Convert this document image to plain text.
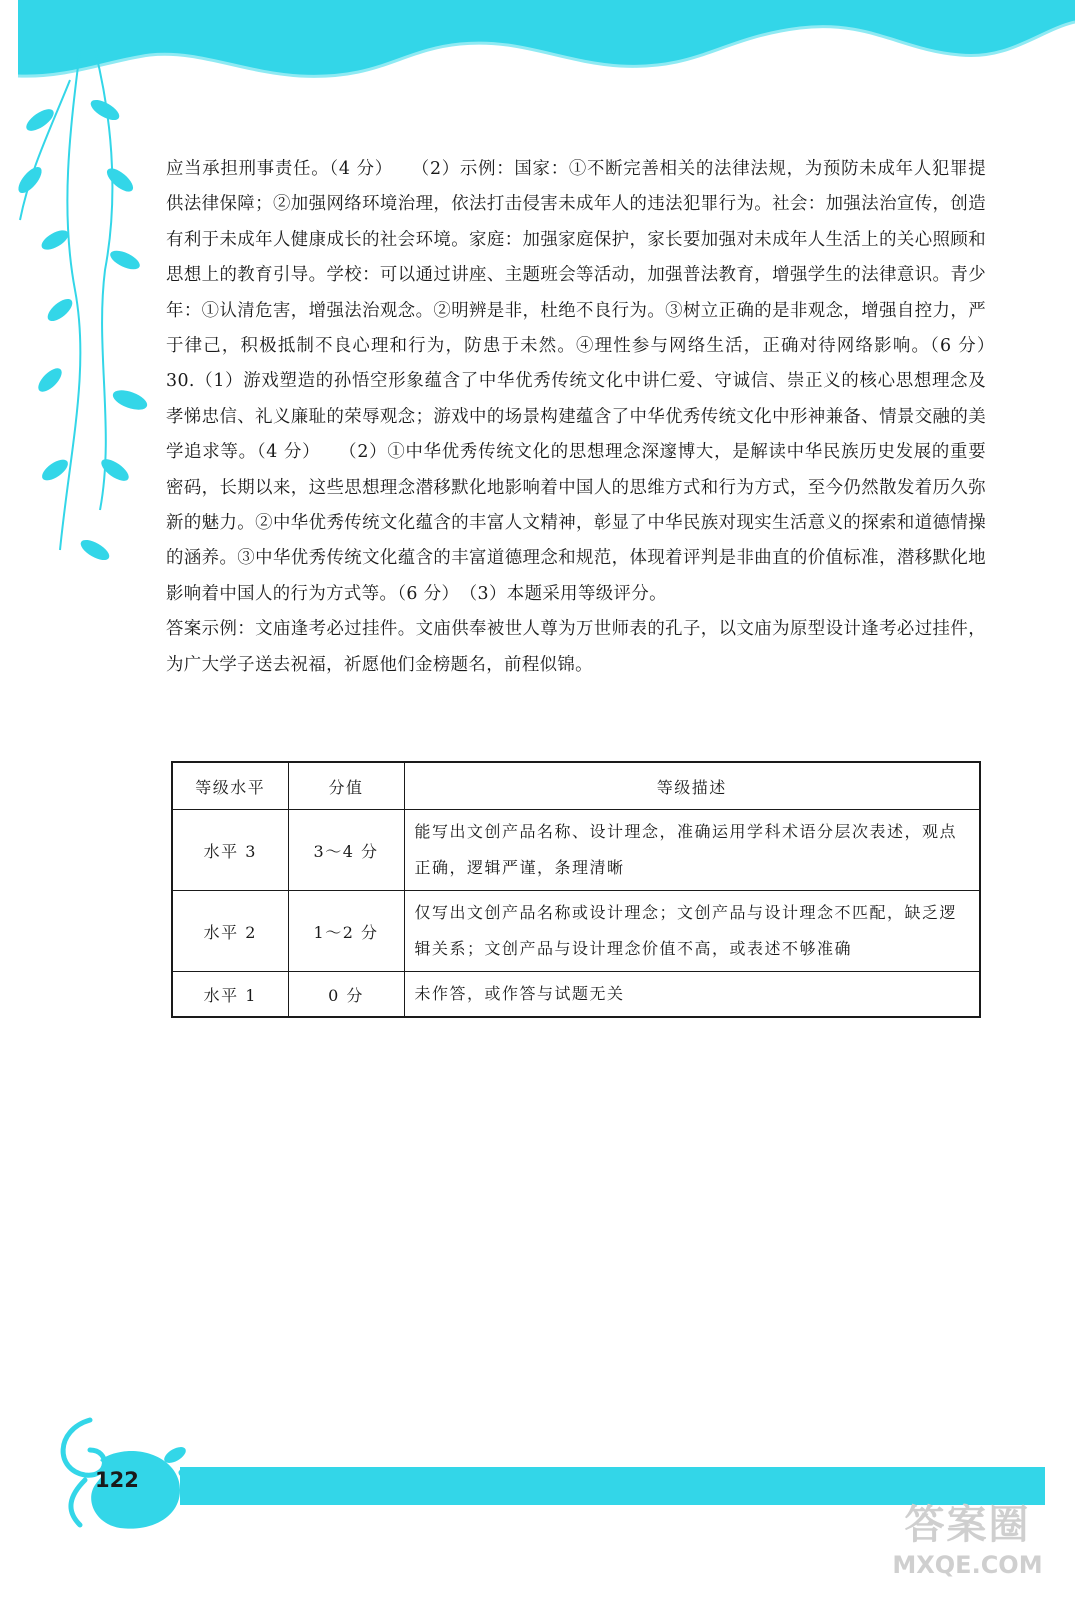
应当承担刑事责任。（4 分）　　（2）示例：国家：①不断完善相关的法律法规，为预防未成年人犯罪提供法律保障；②加强网络环境治理，依法打击侵害未成年人的违法犯罪行为。社会：加强法治宣传，创造有利于未成年人健康成长的社会环境。家庭：加强家庭保护，家长要加强对未成年人生活上的关心照顾和思想上的教育引导。学校：可以通过讲座、主题班会等活动，加强普法教育，增强学生的法律意识。青少年：①认清危害，增强法治观念。②明辨是非，杜绝不良行为。③树立正确的是非观念，增强自控力，严于律己，积极抵制不良心理和行为，防患于未然。④理性参与网络生活，正确对待网络影响。（6 分）　30.（1）游戏塑造的孙悟空形象蕴含了中华优秀传统文化中讲仁爱、守诚信、崇正义的核心思想理念及孝悌忠信、礼义廉耻的荣辱观念；游戏中的场景构建蕴含了中华优秀传统文化中形神兼备、情景交融的美学追求等。（4 分）　　（2）①中华优秀传统文化的思想理念深邃博大，是解读中华民族历史发展的重要密码，长期以来，这些思想理念潜移默化地影响着中国人的思维方式和行为方式，至今仍然散发着历久弥新的魅力。②中华优秀传统文化蕴含的丰富人文精神，彰显了中华民族对现实生活意义的探索和道德情操的涵养。③中华优秀传统文化蕴含的丰富道德理念和规范，体现着评判是非曲直的价值标准，潜移默化地影响着中国人的行为方式等。（6 分）　（3）本题采用等级评分。

答案示例：文庙逢考必过挂件。文庙供奉被世人尊为万世师表的孔子，以文庙为原型设计逢考必过挂件，为广大学子送去祝福，祈愿他们金榜题名，前程似锦。

等级水平	分值	等级描述
水平 3	3～4 分	能写出文创产品名称、设计理念，准确运用学科术语分层次表述，观点正确，逻辑严谨，条理清晰
水平 2	1～2 分	仅写出文创产品名称或设计理念；文创产品与设计理念不匹配，缺乏逻辑关系；文创产品与设计理念价值不高，或表述不够准确
水平 1	0 分	未作答，或作答与试题无关
122
答案圈
MXQE.COM
